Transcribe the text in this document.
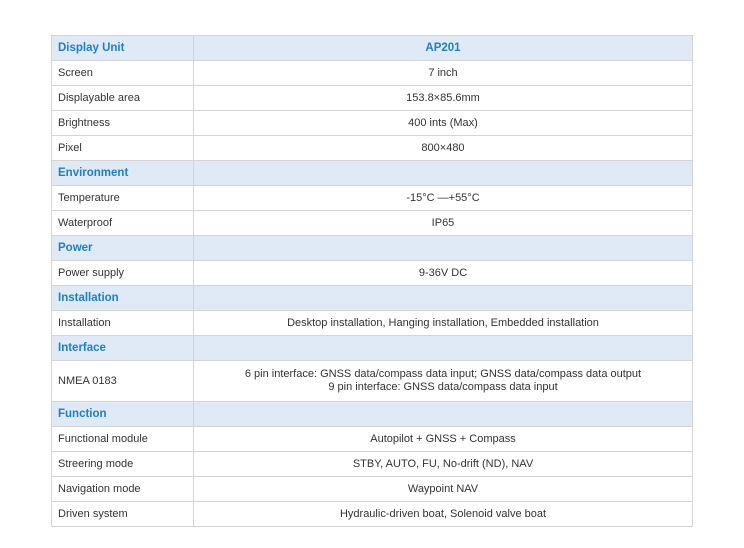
Display Unit	AP201
Screen	7 inch
Displayable area	153.8×85.6mm
Brightness	400 ints (Max)
Pixel	800×480
Environment	
Temperature	-15°C —+55°C
Waterproof	IP65
Power	
Power supply	9-36V DC
Installation	
Installation	Desktop installation, Hanging installation, Embedded installation
Interface	
NMEA 0183	6 pin interface: GNSS data/compass data input; GNSS data/compass data output
9 pin interface: GNSS data/compass data input

Function	
Functional module	Autopilot + GNSS + Compass
Streering mode	STBY, AUTO, FU, No-drift (ND), NAV
Navigation mode	Waypoint NAV
Driven system	Hydraulic-driven boat, Solenoid valve boat
